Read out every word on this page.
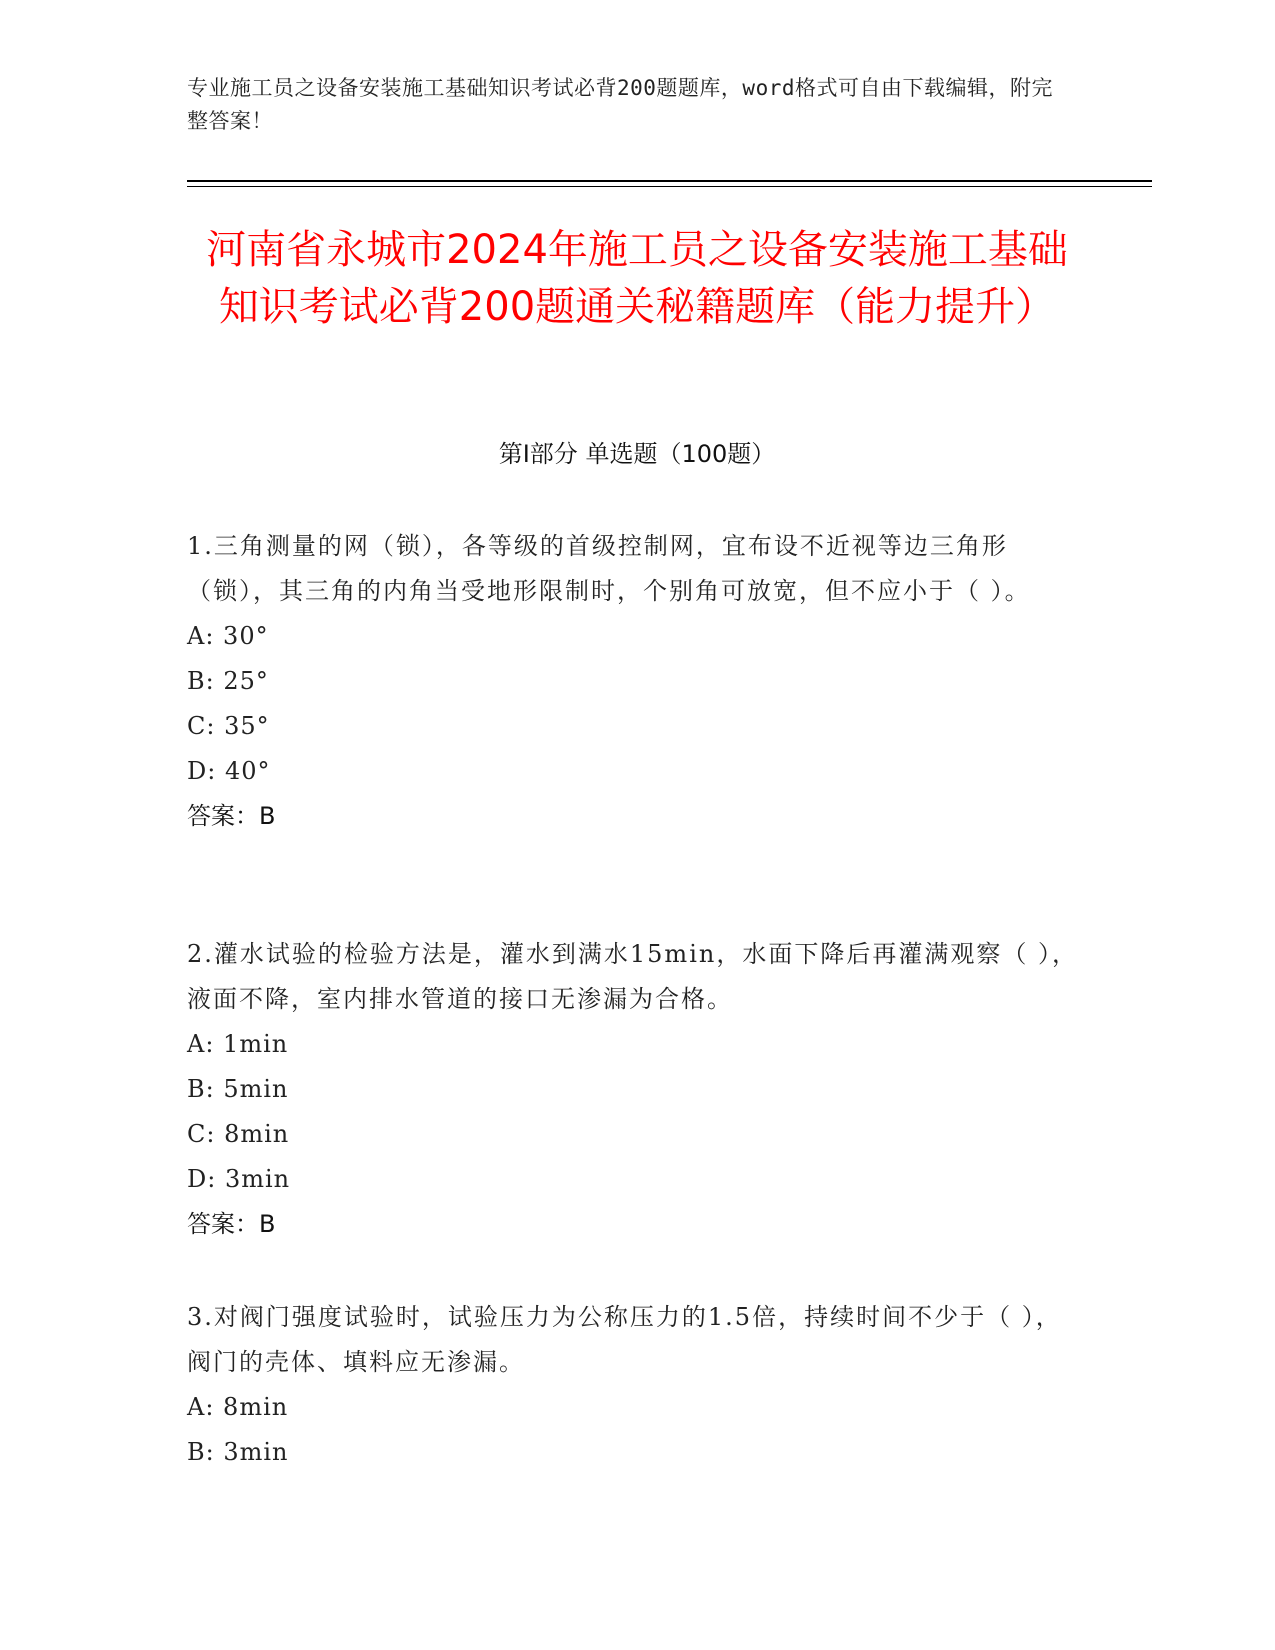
专业施工员之设备安装施工基础知识考试必背200题题库，word格式可自由下载编辑，附完整答案！
河南省永城市2024年施工员之设备安装施工基础知识考试必背200题通关秘籍题库（能力提升）
第I部分 单选题（100题）
1.三角测量的网（锁），各等级的首级控制网，宜布设不近视等边三角形（锁），其三角的内角当受地形限制时，个别角可放宽，但不应小于（ ）。
A: 30°
B: 25°
C: 35°
D: 40°
答案：B
2.灌水试验的检验方法是，灌水到满水15min，水面下降后再灌满观察（ ），液面不降，室内排水管道的接口无渗漏为合格。
A: 1min
B: 5min
C: 8min
D: 3min
答案：B
3.对阀门强度试验时，试验压力为公称压力的1.5倍，持续时间不少于（ ），阀门的壳体、填料应无渗漏。
A: 8min
B: 3min
